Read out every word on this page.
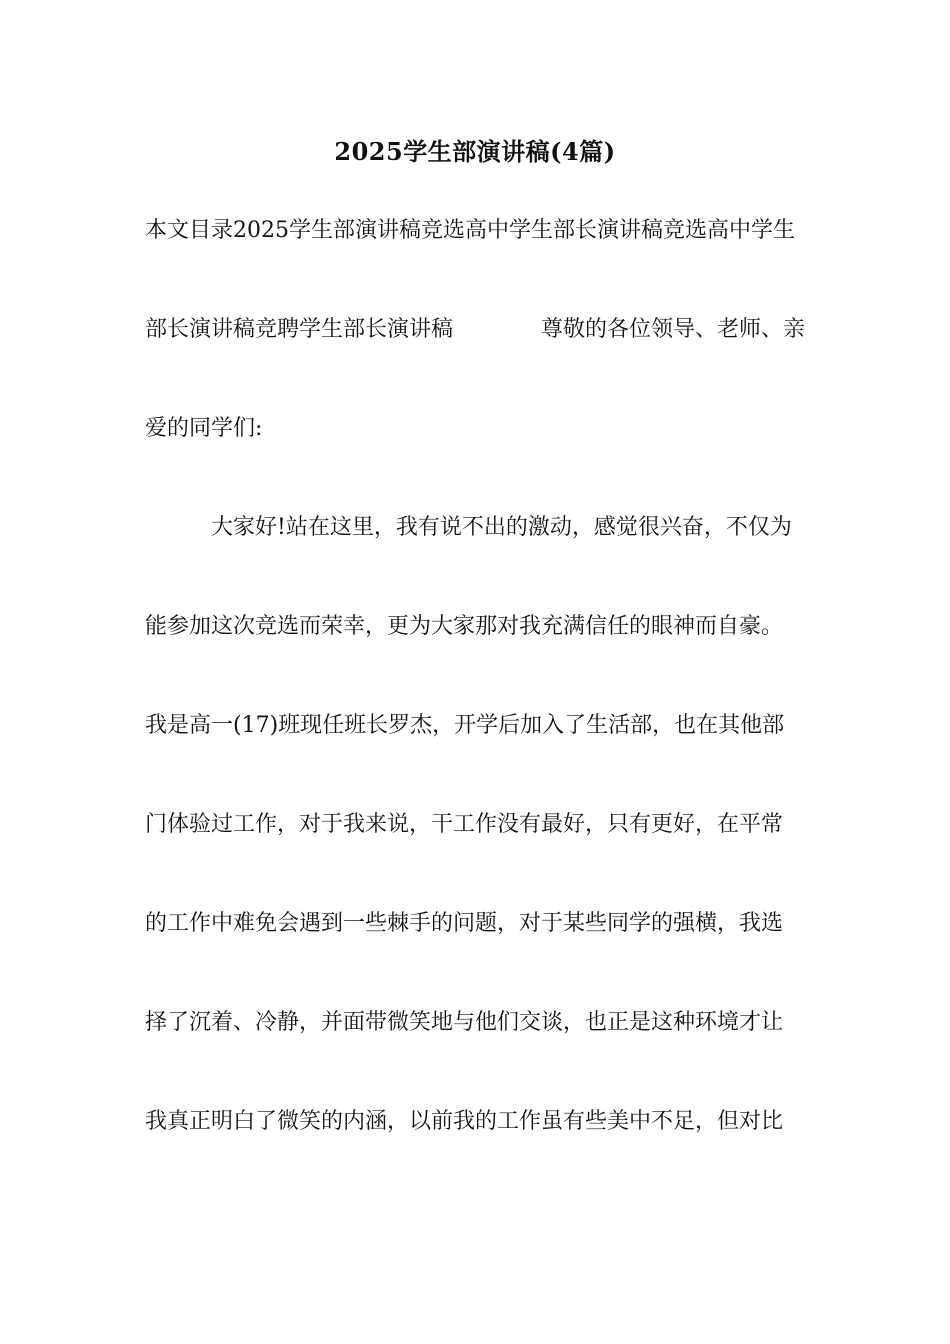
2025学生部演讲稿(4篇)
本文目录2025学生部演讲稿竞选高中学生部长演讲稿竞选高中学生
部长演讲稿竞聘学生部长演讲稿	尊敬的各位领导、老师、亲
爱的同学们:
大家好!站在这里，我有说不出的激动，感觉很兴奋，不仅为
能参加这次竞选而荣幸，更为大家那对我充满信任的眼神而自豪。
我是高一(17)班现任班长罗杰，开学后加入了生活部，也在其他部
门体验过工作，对于我来说，干工作没有最好，只有更好，在平常
的工作中难免会遇到一些棘手的问题，对于某些同学的强横，我选
择了沉着、冷静，并面带微笑地与他们交谈，也正是这种环境才让
我真正明白了微笑的内涵，以前我的工作虽有些美中不足，但对比
